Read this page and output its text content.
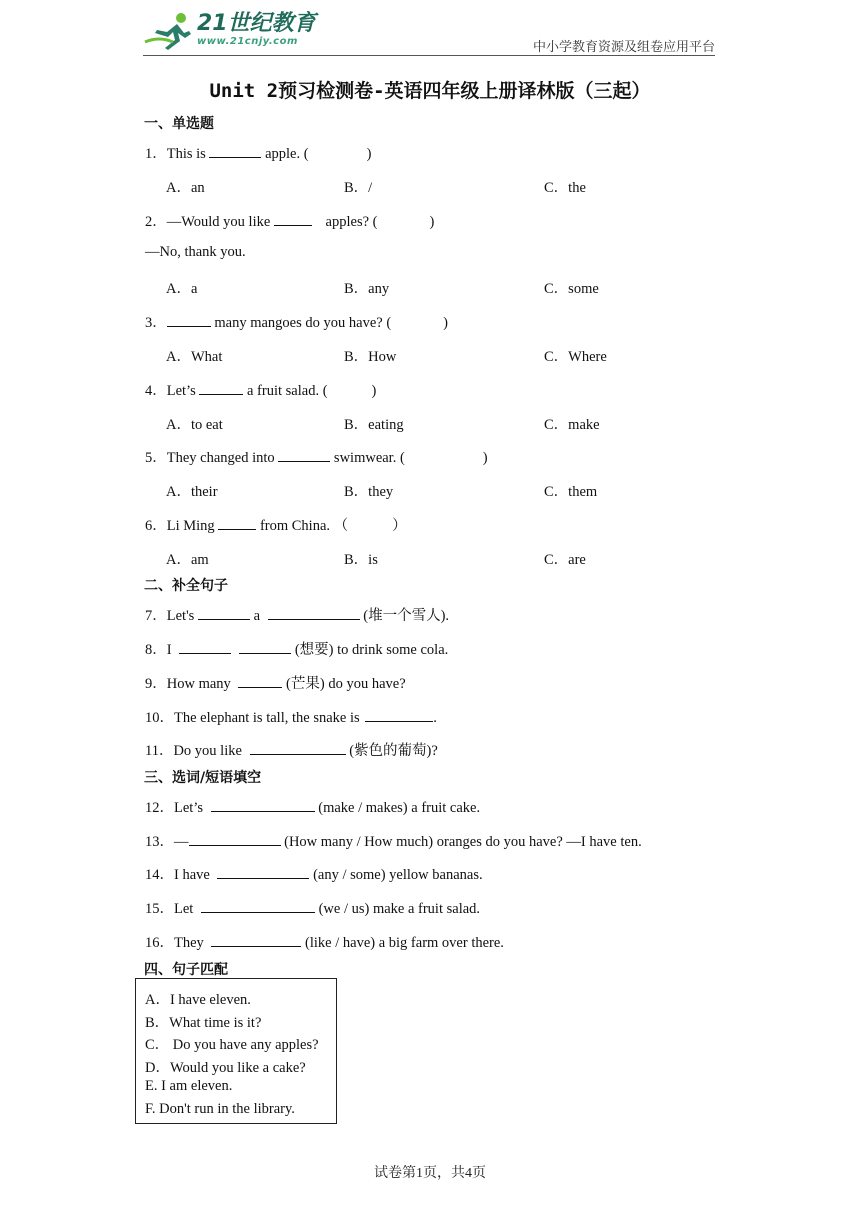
21世纪教育
www.21cnjy.com	中小学教育资源及组卷应用平台
Unit 2预习检测卷-英语四年级上册译林版（三起）
一、单选题
1．This is	apple. (	)
A．an	B．/	C．the
2．—Would you like	apples? (	)
—No, thank you.
A．a	B．any	C．some
3．	many mangoes do you have? (	)
A．What	B．How	C．Where
4．Let’s	a fruit salad. (	)
A．to eat	B．eating	C．make
5．They changed into	swimwear. (	)
A．their	B．they	C．them
6．Li Ming	from China. （	）
A．am	B．is	C．are
二、补全句子
7．Let's	a	(堆一个雪人).
8．I	(想要) to drink some cola.
9．How many	(芒果) do you have?
10．The elephant is tall, the snake is	.
11．Do you like	(紫色的葡萄)?
三、选词/短语填空
12．Let’s	(make / makes) a fruit cake.
13．—	(How many / How much) oranges do you have? —I have ten.
14．I have	(any / some) yellow bananas.
15．Let	(we / us) make a fruit salad.
16．They	(like / have) a big farm over there.
四、句子匹配
A．I have eleven.
B．What time is it?
C． Do you have any apples?
D．Would you like a cake?
E. I am eleven.
F. Don't run in the library.
试卷第1页，共4页
